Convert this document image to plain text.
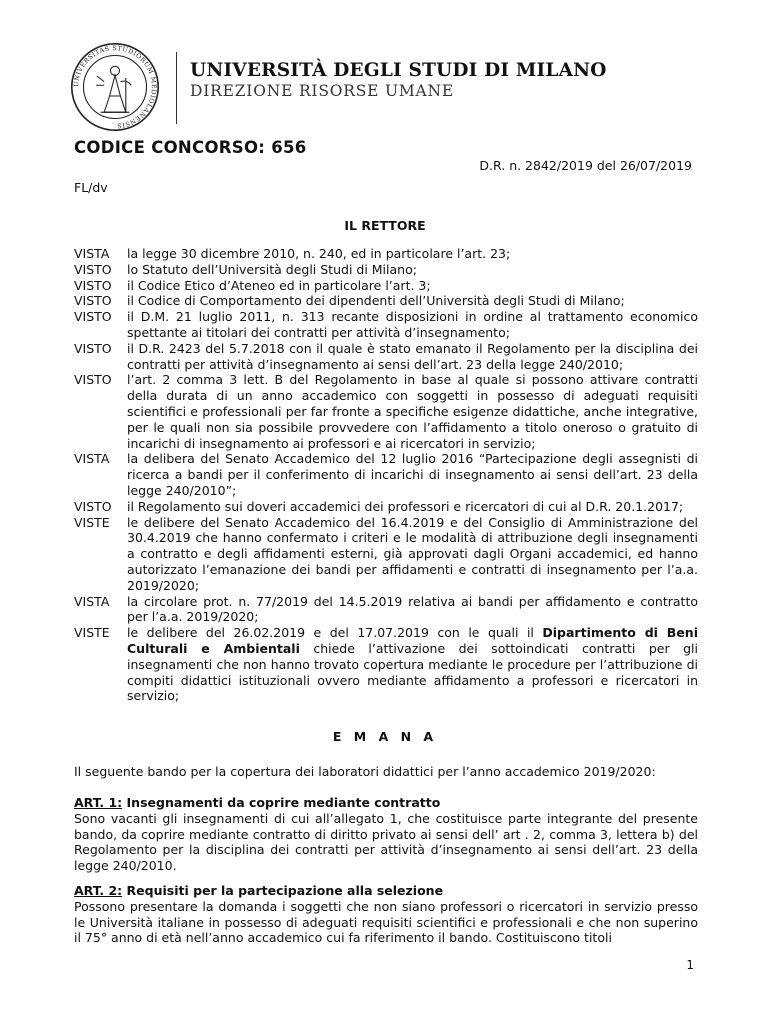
UNIVERSITAS STUDIORUM MEDIOLANENSIS
UNIVERSITÀ DEGLI STUDI DI MILANO
DIREZIONE RISORSE UMANE
CODICE CONCORSO: 656
D.R. n. 2842/2019 del 26/07/2019
FL/dv
IL RETTORE
VISTA	la legge 30 dicembre 2010, n. 240, ed in particolare l’art. 23;
VISTO	lo Statuto dell’Università degli Studi di Milano;
VISTO	il Codice Etico d’Ateneo ed in particolare l’art. 3;
VISTO	il Codice di Comportamento dei dipendenti dell’Università degli Studi di Milano;
VISTO	il D.M. 21 luglio 2011, n. 313 recante disposizioni in ordine al trattamento economico spettante ai titolari dei contratti per attività d’insegnamento;
VISTO	il D.R. 2423 del 5.7.2018 con il quale è stato emanato il Regolamento per la disciplina dei contratti per attività d’insegnamento ai sensi dell’art. 23 della legge 240/2010;
VISTO	l’art. 2 comma 3 lett. B del Regolamento in base al quale si possono attivare contratti della durata di un anno accademico con soggetti in possesso di adeguati requisiti scientifici e professionali per far fronte a specifiche esigenze didattiche, anche integrative, per le quali non sia possibile provvedere con l’affidamento a titolo oneroso o gratuito di incarichi di insegnamento ai professori e ai ricercatori in servizio;
VISTA	la delibera del Senato Accademico del 12 luglio 2016 “Partecipazione degli assegnisti di ricerca a bandi per il conferimento di incarichi di insegnamento ai sensi dell’art. 23 della legge 240/2010”;
VISTO	il Regolamento sui doveri accademici dei professori e ricercatori di cui al D.R. 20.1.2017;
VISTE	le delibere del Senato Accademico del 16.4.2019 e del Consiglio di Amministrazione del 30.4.2019 che hanno confermato i criteri e le modalità di attribuzione degli insegnamenti a contratto e degli affidamenti esterni, già approvati dagli Organi accademici, ed hanno autorizzato l’emanazione dei bandi per affidamenti e contratti di insegnamento per l’a.a. 2019/2020;
VISTA	la circolare prot. n. 77/2019 del 14.5.2019 relativa ai bandi per affidamento e contratto per l’a.a. 2019/2020;
VISTE	le delibere del 26.02.2019 e del 17.07.2019 con le quali il Dipartimento di Beni Culturali e Ambientali chiede l’attivazione dei sottoindicati contratti per gli insegnamenti che non hanno trovato copertura mediante le procedure per l’attribuzione di compiti didattici istituzionali ovvero mediante affidamento a professori e ricercatori in servizio;
E M A N A
Il seguente bando per la copertura dei laboratori didattici per l’anno accademico 2019/2020:
ART. 1: Insegnamenti da coprire mediante contratto
Sono vacanti gli insegnamenti di cui all’allegato 1, che costituisce parte integrante del presente bando, da coprire mediante contratto di diritto privato ai sensi dell’ art . 2, comma 3, lettera b) del Regolamento per la disciplina dei contratti per attività d’insegnamento ai sensi dell’art. 23 della legge 240/2010.
ART. 2: Requisiti per la partecipazione alla selezione
Possono presentare la domanda i soggetti che non siano professori o ricercatori in servizio presso le Università italiane in possesso di adeguati requisiti scientifici e professionali e che non superino il 75° anno di età nell’anno accademico cui fa riferimento il bando. Costituiscono titoli
1
